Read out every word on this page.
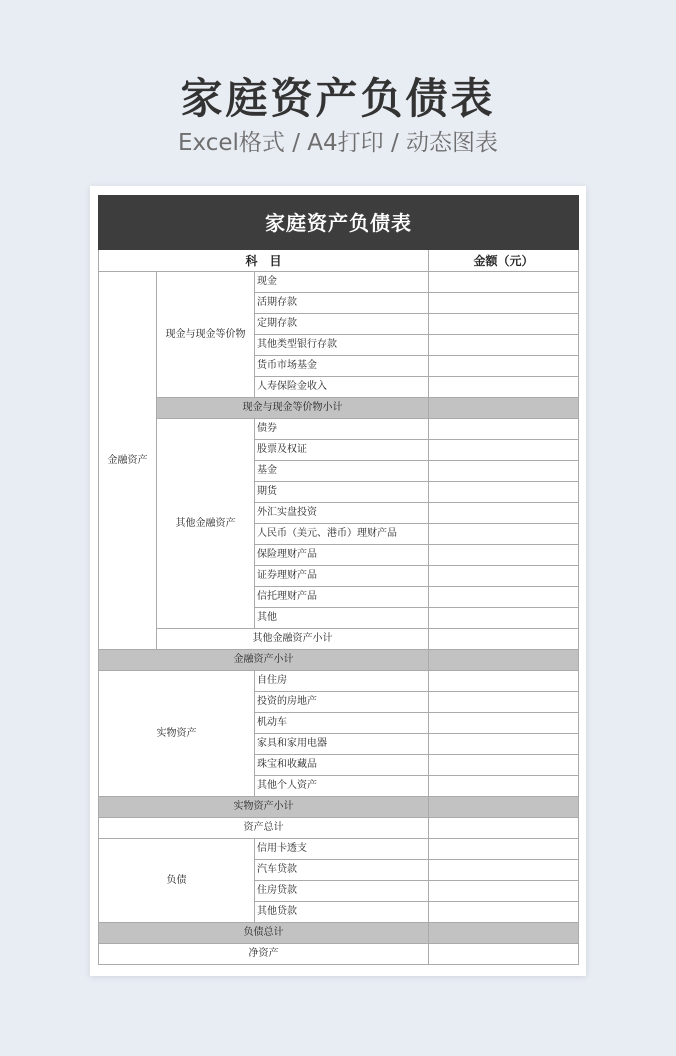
家庭资产负债表
Excel格式 / A4打印 / 动态图表
家庭资产负债表			
科　目			金额（元）
金融资产	现金与现金等价物	现金	
		活期存款	
		定期存款	
		其他类型银行存款	
		货币市场基金	
		人寿保险金收入	
	现金与现金等价物小计		
	其他金融资产	债券	
		股票及权证	
		基金	
		期货	
		外汇实盘投资	
		人民币（美元、港币）理财产品	
		保险理财产品	
		证券理财产品	
		信托理财产品	
		其他	
	其他金融资产小计		
金融资产小计			
实物资产		自住房	
		投资的房地产	
		机动车	
		家具和家用电器	
		珠宝和收藏品	
		其他个人资产	
实物资产小计			
资产总计			
负债		信用卡透支	
		汽车贷款	
		住房贷款	
		其他贷款	
负债总计			
净资产			
